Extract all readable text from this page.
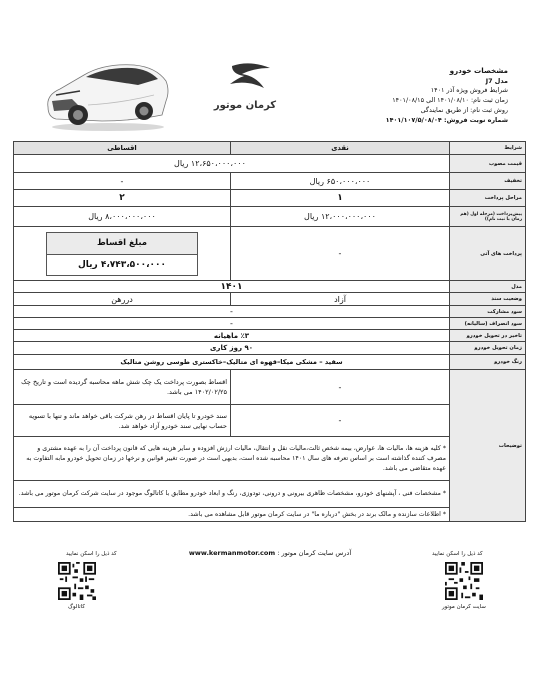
کرمان موتور
مشخصات خودرو
مدل J7
شرایط فروش ویژه آذر ۱۴۰۱
زمان ثبت نام: ۱۴۰۱/۰۸/۱۰ الی ۱۴۰۱/۰۸/۱۵
روش ثبت نام: از طریق نمایندگی
شماره نوبت فروش: ۱۴۰۱/۱۰۷/۵/۰۸/۰۴
شرایط	نقدی	اقساطی
قیمت مصوب	۱۲،۶۵۰،۰۰۰،۰۰۰ ریال	
تخفیف	۶۵۰،۰۰۰،۰۰۰ ریال	-
مراحل پرداخت	۱	۲
پیش‌پرداخت (مرحله اول (هم زمان با ثبت نام))	۱۲،۰۰۰،۰۰۰،۰۰۰ ریال	۸،۰۰۰،۰۰۰،۰۰۰ ریال
پرداخت های آتی	-	مبلغ اقساط
۴،۷۴۳،۵۰۰،۰۰۰ ریال

مدل	۱۴۰۱	
وضعیت سند	آزاد	دررهن
سود مشارکت	-	
سود انصراف (سالیانه)	-	
تاخیر در تحویل خودرو	٪۳ ماهیانه	
زمان تحویل خودرو	۹۰ روز کاری	
رنگ خودرو	سفید – مشکی میکا–قهوه ای متالیک–خاکستری طوسی روشن متالیک	
توضیحات	-	اقساط بصورت پرداخت یک چک شش ماهه محاسبه گردیده است و تاریخ چک ۱۴۰۲/۰۲/۲۵ می باشد.
	-	سند خودرو تا پایان اقساط در رهن شرکت باقی خواهد ماند و تنها با تسویه حساب نهایی سند خودرو آزاد خواهد شد.
	* کلیه هزینه ها، مالیات ها، عوارض، بیمه شخص ثالث،مالیات نقل و انتقال، مالیات ارزش افزوده و سایر هزینه هایی که قانون پرداخت آن را به عهده مشتری و مصرف کننده گذاشته است بر اساس تعرفه های سال ۱۴۰۱ محاسبه شده است، بدیهی است در صورت تغییر قوانین و نرخها در زمان تحویل خودرو مابه التفاوت به عهده متقاضی می باشد.	
	* مشخصات فنی ، آپشنهای خودرو، مشخصات ظاهری بیرونی و درونی، تودوزی، رنگ و ابعاد خودرو مطابق با کاتالوگ موجود در سایت شرکت کرمان موتور می باشد.	
	* اطلاعات سازنده و مالک برند در بخش "درباره ما" در سایت کرمان موتور قابل مشاهده می باشد.	
کد ذیل را اسکن نمایید	کد ذیل را اسکن نمایید
آدرس سایت کرمان موتور : www.kermanmotor.com
کاتالوگ	سایت کرمان موتور
